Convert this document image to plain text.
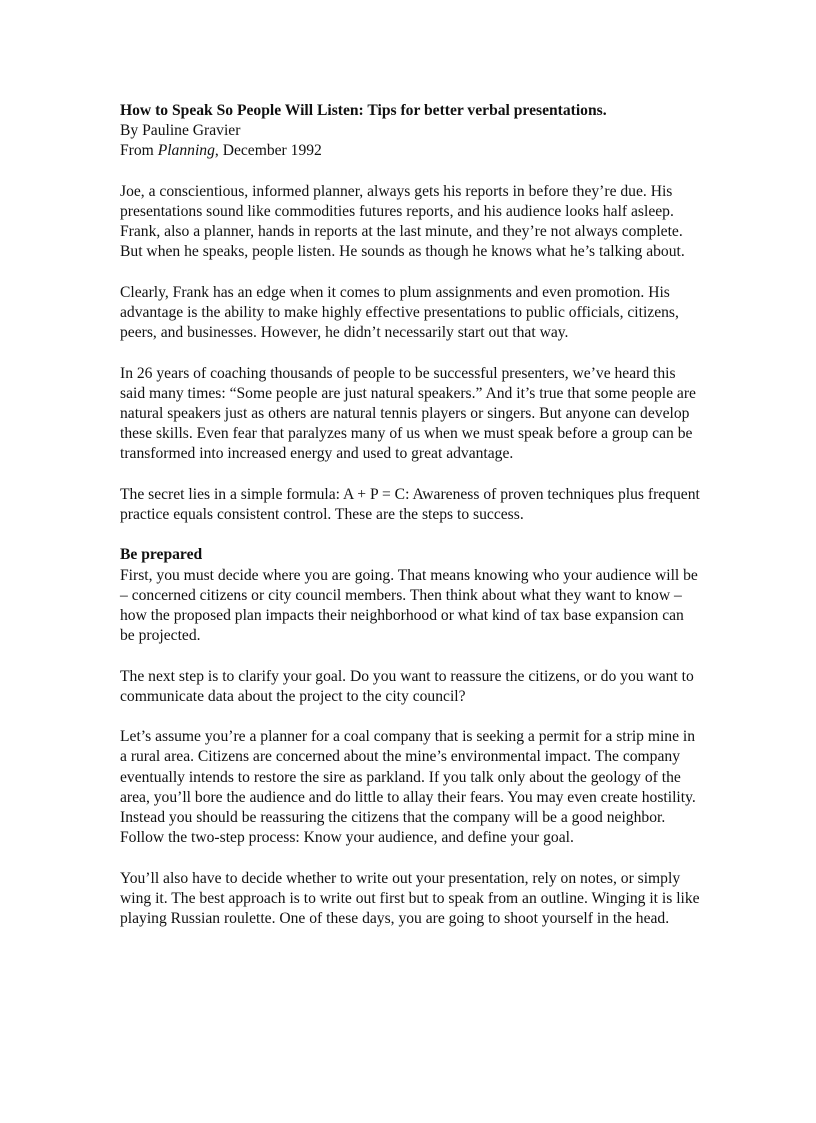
How to Speak So People Will Listen: Tips for better verbal presentations.
By Pauline Gravier
From Planning, December 1992

Joe, a conscientious, informed planner, always gets his reports in before they’re due. His presentations sound like commodities futures reports, and his audience looks half asleep. Frank, also a planner, hands in reports at the last minute, and they’re not always complete. But when he speaks, people listen. He sounds as though he knows what he’s talking about.

Clearly, Frank has an edge when it comes to plum assignments and even promotion. His advantage is the ability to make highly effective presentations to public officials, citizens, peers, and businesses. However, he didn’t necessarily start out that way.

In 26 years of coaching thousands of people to be successful presenters, we’ve heard this said many times: “Some people are just natural speakers.” And it’s true that some people are natural speakers just as others are natural tennis players or singers. But anyone can develop these skills. Even fear that paralyzes many of us when we must speak before a group can be transformed into increased energy and used to great advantage.

The secret lies in a simple formula: A + P = C: Awareness of proven techniques plus frequent practice equals consistent control. These are the steps to success.

Be prepared

First, you must decide where you are going. That means knowing who your audience will be – concerned citizens or city council members. Then think about what they want to know – how the proposed plan impacts their neighborhood or what kind of tax base expansion can be projected.

The next step is to clarify your goal. Do you want to reassure the citizens, or do you want to communicate data about the project to the city council?

Let’s assume you’re a planner for a coal company that is seeking a permit for a strip mine in a rural area. Citizens are concerned about the mine’s environmental impact. The company eventually intends to restore the sire as parkland. If you talk only about the geology of the area, you’ll bore the audience and do little to allay their fears. You may even create hostility. Instead you should be reassuring the citizens that the company will be a good neighbor. Follow the two-step process: Know your audience, and define your goal.

You’ll also have to decide whether to write out your presentation, rely on notes, or simply wing it. The best approach is to write out first but to speak from an outline. Winging it is like playing Russian roulette. One of these days, you are going to shoot yourself in the head.
